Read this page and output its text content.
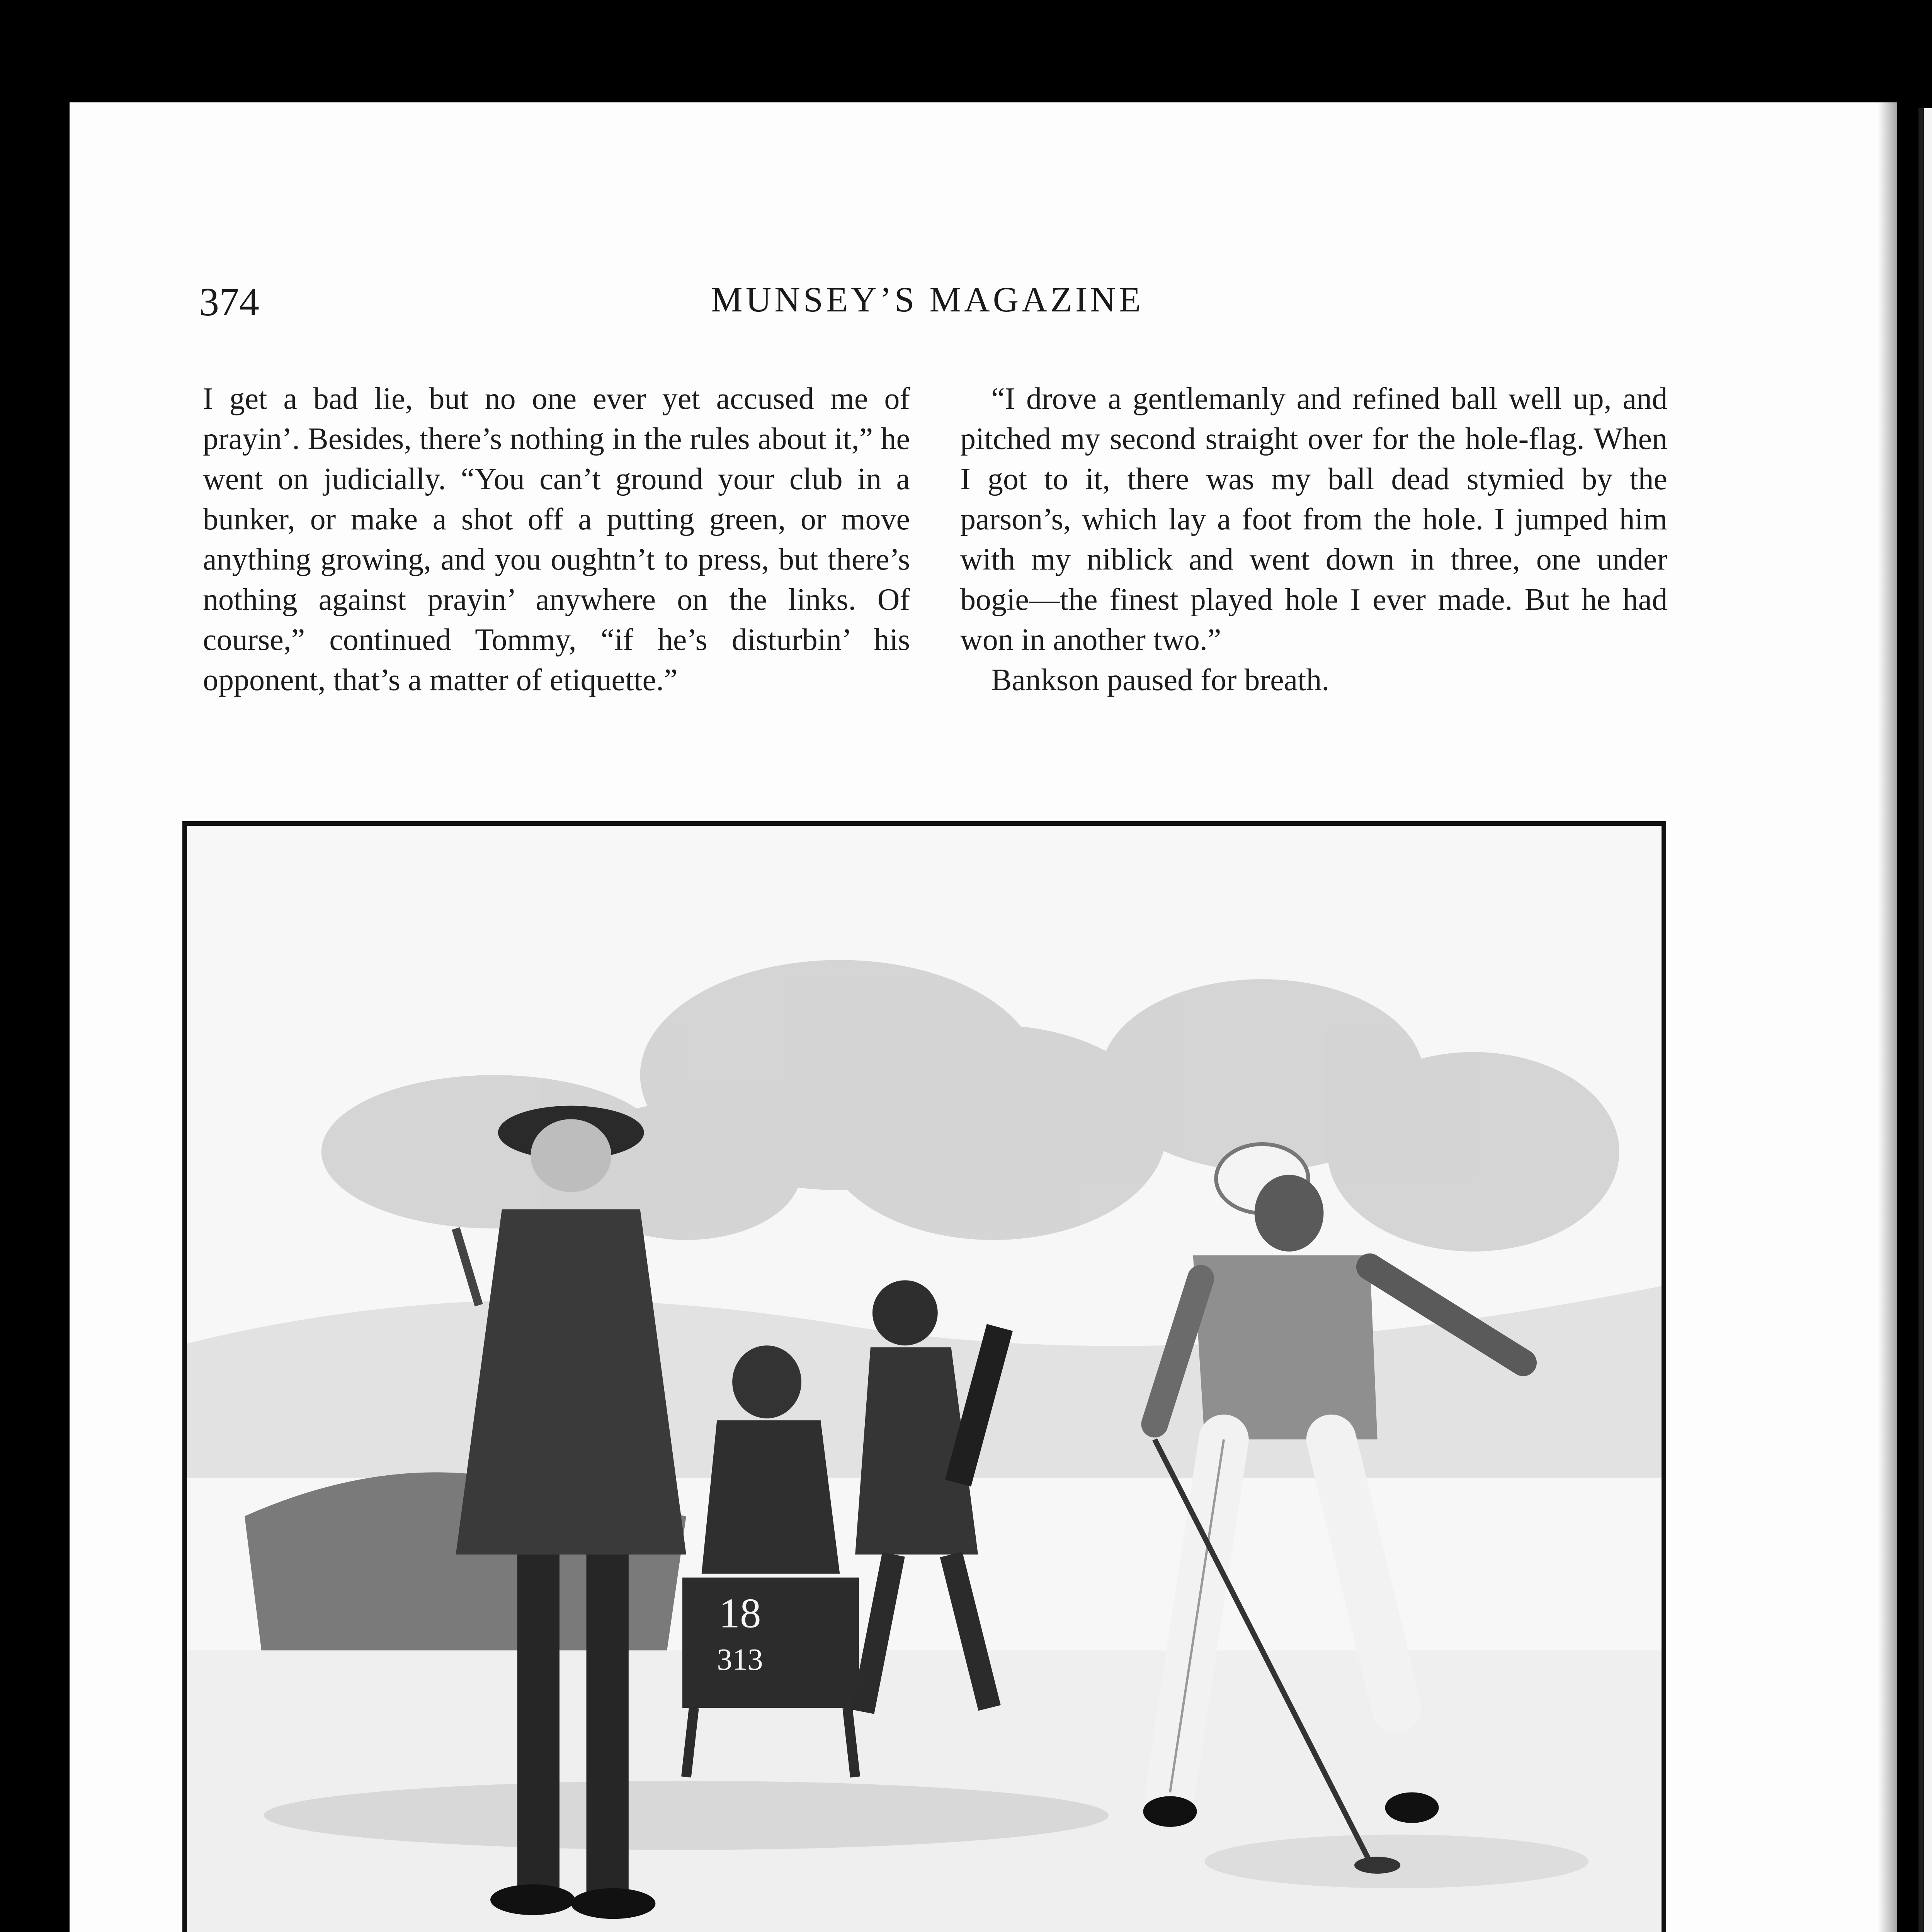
374	MUNSEY’S MAGAZINE

I get a bad lie, but no one ever yet accused me of prayin’. Besides, there’s nothing in the rules about it,” he went on judicially. “You can’t ground your club in a bunker, or make a shot off a putting green, or move anything growing, and you oughtn’t to press, but there’s nothing against prayin’ anywhere on the links. Of course,” continued Tommy, “if he’s disturbin’ his opponent, that’s a matter of etiquette.”

“I drove a gentlemanly and refined ball well up, and pitched my second straight over for the hole-flag. When I got to it, there was my ball dead stymied by the parson’s, which lay a foot from the hole. I jumped him with my niblick and went down in three, one under bogie—the finest played hole I ever made. But he had won in another two.”

Bankson paused for breath.

18
313
